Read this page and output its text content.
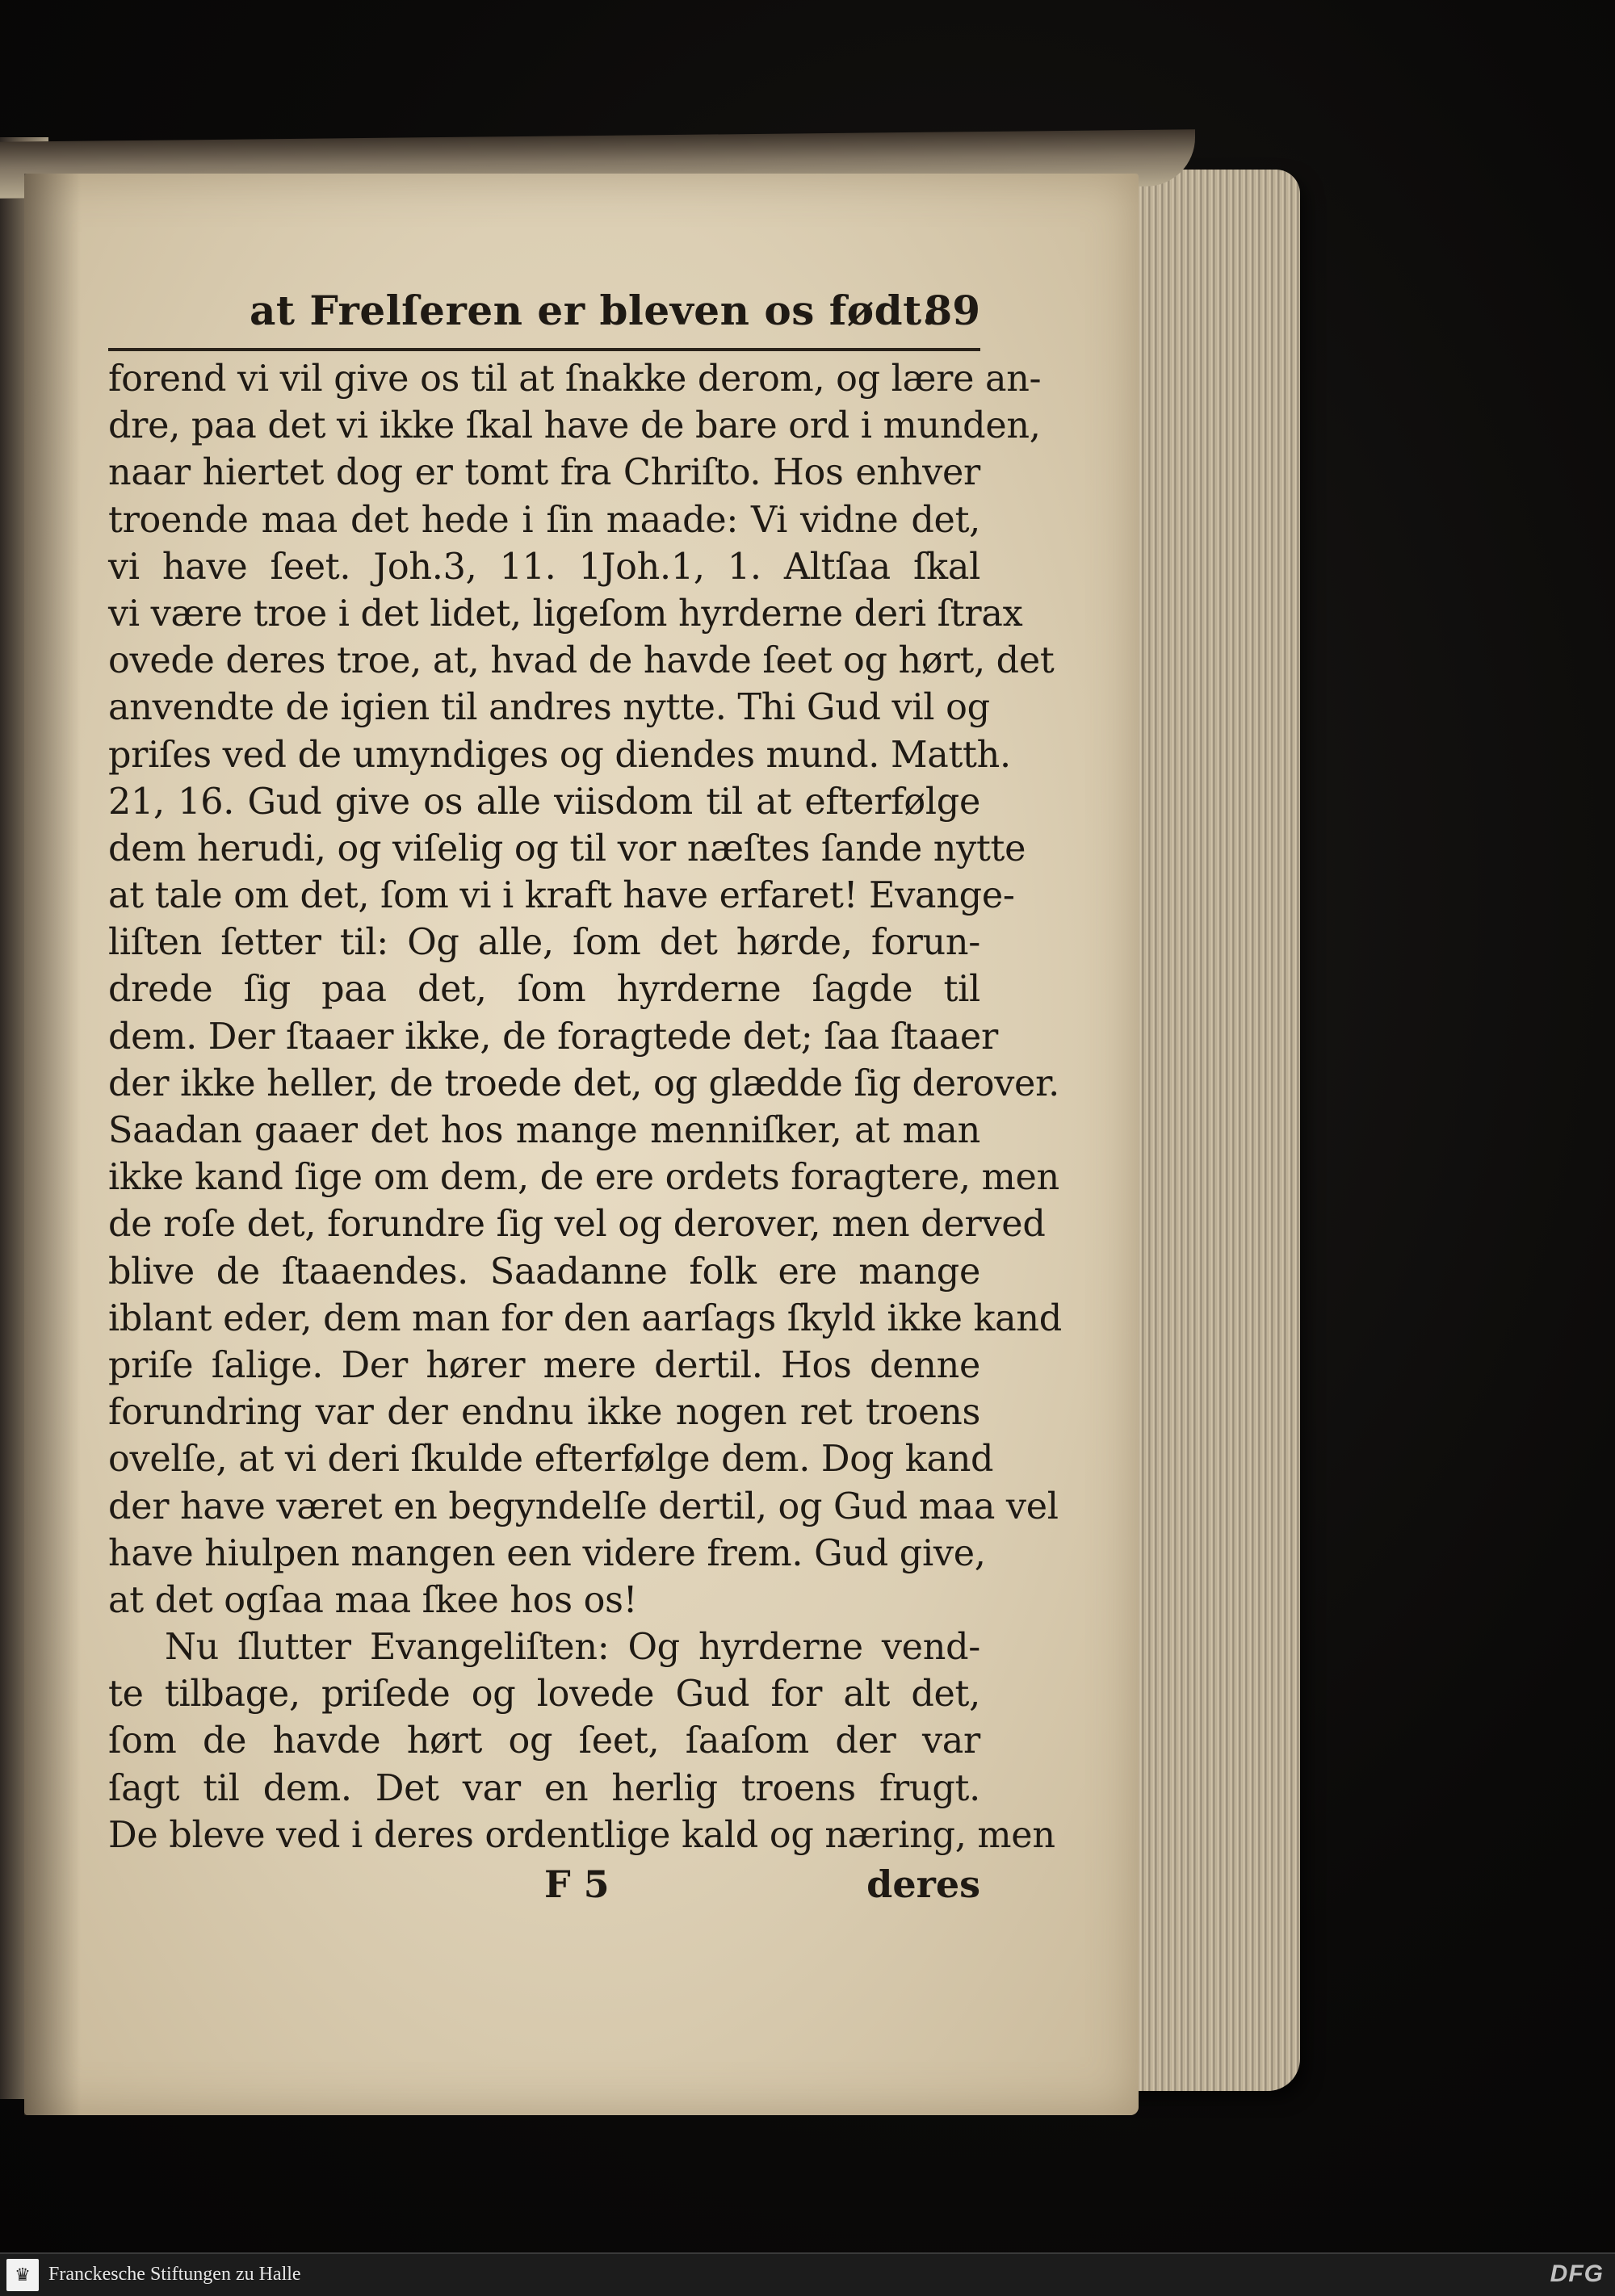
at Frelſeren er bleven os født.
89
forend vi vil give os til at ſnakke derom, og lære an-
dre, paa det vi ikke ſkal have de bare ord i munden,
naar hiertet dog er tomt fra Chriſto. Hos enhver
troende maa det hede i ſin maade: Vi vidne det,
vi have ſeet. Joh.3, 11. 1Joh.1, 1. Altſaa ſkal
vi være troe i det lidet, ligeſom hyrderne deri ſtrax
ovede deres troe, at, hvad de havde ſeet og hørt, det
anvendte de igien til andres nytte. Thi Gud vil og
priſes ved de umyndiges og diendes mund. Matth.
21, 16. Gud give os alle viisdom til at efterfølge
dem herudi, og viſelig og til vor næſtes ſande nytte
at tale om det, ſom vi i kraft have erfaret! Evange-
liſten ſetter til: Og alle, ſom det hørde, forun-
drede ſig paa det, ſom hyrderne ſagde til
dem. Der ſtaaer ikke, de foragtede det; ſaa ſtaaer
der ikke heller, de troede det, og glædde ſig derover.
Saadan gaaer det hos mange menniſker, at man
ikke kand ſige om dem, de ere ordets foragtere, men
de roſe det, forundre ſig vel og derover, men derved
blive de ſtaaendes. Saadanne folk ere mange
iblant eder, dem man for den aarſags ſkyld ikke kand
priſe ſalige. Der hører mere dertil. Hos denne
forundring var der endnu ikke nogen ret troens
ovelſe, at vi deri ſkulde efterfølge dem. Dog kand
der have været en begyndelſe dertil, og Gud maa vel
have hiulpen mangen een videre frem. Gud give,
at det ogſaa maa ſkee hos os!
Nu ſlutter Evangeliſten: Og hyrderne vend-
te tilbage, priſede og lovede Gud for alt det,
ſom de havde hørt og ſeet, ſaaſom der var
ſagt til dem. Det var en herlig troens frugt.
De bleve ved i deres ordentlige kald og næring, men
F 5	deres
♛ Franckesche Stiftungen zu Halle	DFG
